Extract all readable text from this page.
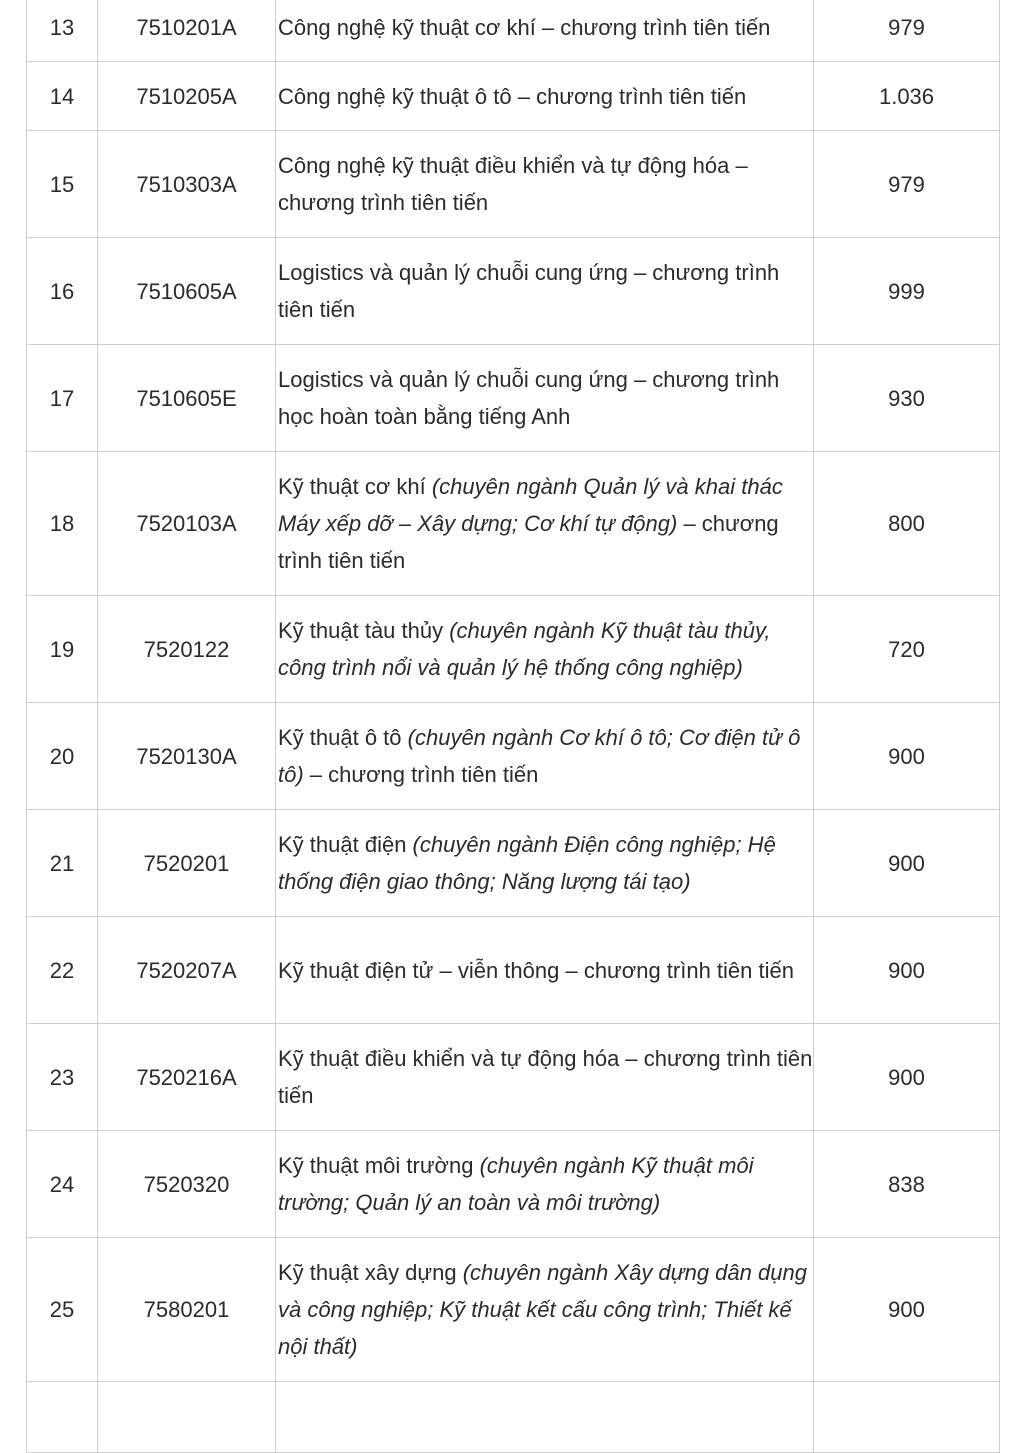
13	7510201A	Công nghệ kỹ thuật cơ khí – chương trình tiên tiến	979
14	7510205A	Công nghệ kỹ thuật ô tô – chương trình tiên tiến	1.036
15	7510303A	Công nghệ kỹ thuật điều khiển và tự động hóa – chương trình tiên tiến	979
16	7510605A	Logistics và quản lý chuỗi cung ứng – chương trình tiên tiến	999
17	7510605E	Logistics và quản lý chuỗi cung ứng – chương trình học hoàn toàn bằng tiếng Anh	930
18	7520103A	Kỹ thuật cơ khí (chuyên ngành Quản lý và khai thác Máy xếp dỡ – Xây dựng; Cơ khí tự động) – chương trình tiên tiến	800
19	7520122	Kỹ thuật tàu thủy (chuyên ngành Kỹ thuật tàu thủy, công trình nổi và quản lý hệ thống công nghiệp)	720
20	7520130A	Kỹ thuật ô tô (chuyên ngành Cơ khí ô tô; Cơ điện tử ô tô) – chương trình tiên tiến	900
21	7520201	Kỹ thuật điện (chuyên ngành Điện công nghiệp; Hệ thống điện giao thông; Năng lượng tái tạo)	900
22	7520207A	Kỹ thuật điện tử – viễn thông – chương trình tiên tiến	900
23	7520216A	Kỹ thuật điều khiển và tự động hóa – chương trình tiên tiến	900
24	7520320	Kỹ thuật môi trường (chuyên ngành Kỹ thuật môi trường; Quản lý an toàn và môi trường)	838
25	7580201	Kỹ thuật xây dựng (chuyên ngành Xây dựng dân dụng và công nghiệp; Kỹ thuật kết cấu công trình; Thiết kế nội thất)	900
